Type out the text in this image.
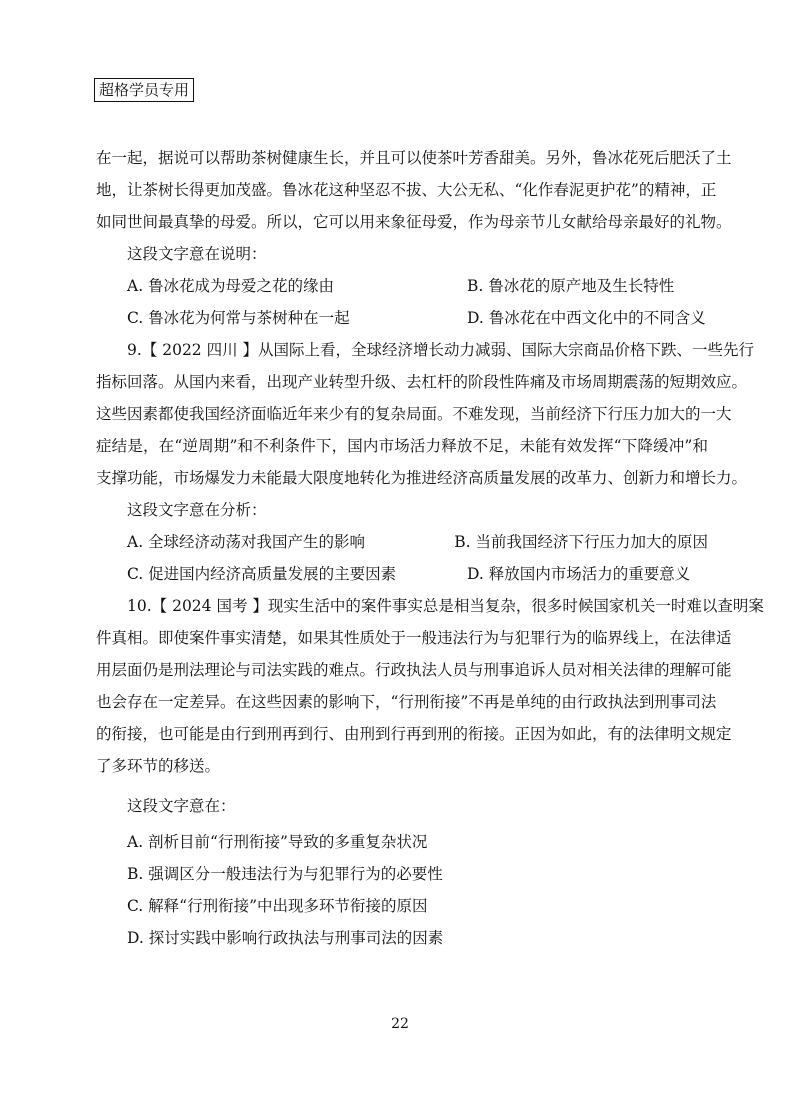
超格学员专用
在一起，据说可以帮助茶树健康生长，并且可以使茶叶芳香甜美。另外，鲁冰花死后肥沃了土
地，让茶树长得更加茂盛。鲁冰花这种坚忍不拔、大公无私、“化作春泥更护花”的精神，正
如同世间最真挚的母爱。所以，它可以用来象征母爱，作为母亲节儿女献给母亲最好的礼物。
这段文字意在说明：
A. 鲁冰花成为母爱之花的缘由	B. 鲁冰花的原产地及生长特性
C. 鲁冰花为何常与茶树种在一起	D. 鲁冰花在中西文化中的不同含义
9.【 2022 四川 】从国际上看，全球经济增长动力减弱、国际大宗商品价格下跌、一些先行
指标回落。从国内来看，出现产业转型升级、去杠杆的阶段性阵痛及市场周期震荡的短期效应。
这些因素都使我国经济面临近年来少有的复杂局面。不难发现，当前经济下行压力加大的一大
症结是，在“逆周期”和不利条件下，国内市场活力释放不足，未能有效发挥“下降缓冲”和
支撑功能，市场爆发力未能最大限度地转化为推进经济高质量发展的改革力、创新力和增长力。
这段文字意在分析：
A. 全球经济动荡对我国产生的影响	B. 当前我国经济下行压力加大的原因
C. 促进国内经济高质量发展的主要因素	D. 释放国内市场活力的重要意义
10.【 2024 国考 】现实生活中的案件事实总是相当复杂，很多时候国家机关一时难以查明案
件真相。即使案件事实清楚，如果其性质处于一般违法行为与犯罪行为的临界线上，在法律适
用层面仍是刑法理论与司法实践的难点。行政执法人员与刑事追诉人员对相关法律的理解可能
也会存在一定差异。在这些因素的影响下，“行刑衔接”不再是单纯的由行政执法到刑事司法
的衔接，也可能是由行到刑再到行、由刑到行再到刑的衔接。正因为如此，有的法律明文规定
了多环节的移送。
这段文字意在：
A. 剖析目前“行刑衔接”导致的多重复杂状况
B. 强调区分一般违法行为与犯罪行为的必要性
C. 解释“行刑衔接”中出现多环节衔接的原因
D. 探讨实践中影响行政执法与刑事司法的因素
22
